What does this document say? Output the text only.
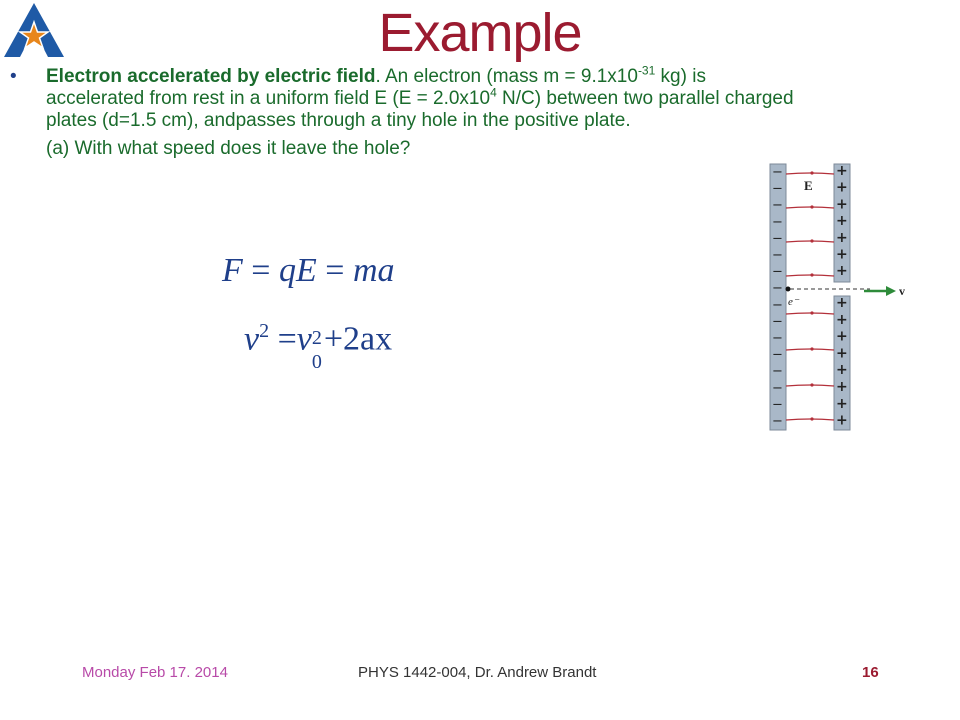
Example
• Electron accelerated by electric field. An electron (mass $m = 9.1x10^{-31}$ kg) is accelerated from rest in a uniform field E ($E = 2.0x10^4$ N/C) between two parallel charged plates (d=1.5 cm), andpasses through a tiny hole in the positive plate.
(a) With what speed does it leave the hole?
F = qE = ma
$v^2 =v$ 2
0
+2ax
−
−
−
−
−
−
−
−
−
−
−
−
−
−
−
−
+
+
+
+
+
+
+
+
+
+
+
+
+
+
+
E
v
e⁻
Monday Feb 17. 2014	PHYS 1442-004, Dr. Andrew Brandt	16
